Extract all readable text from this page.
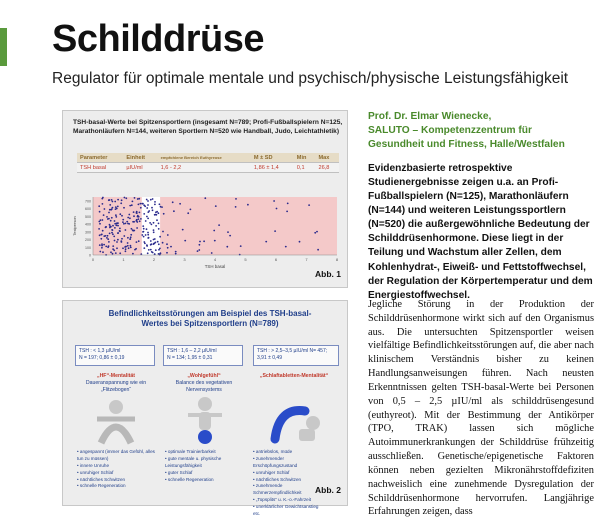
Schilddrüse
Regulator für optimale mentale und psychisch/physische Leistungsfähigkeit
TSH-basal-Werte bei Spitzensportlern (insgesamt N=789; Profi-Fußballspielern N=125, Marathonläufern N=144, weiteren Sportlern N=520 wie Handball, Judo, Leichtathletik)
Parameter	Einheit	empfohlene Bereich Euthyreose	M ± SD	Min	Max
TSH basal	µIU/ml	1,6 - 2,2	1,86 ± 1,4	0,1	26,8
0	1	2	3	4	5	6	7	8
0
100
200
300
400
500
600
700
TSH basal
Testperson
Abb. 1
Befindlichkeitsstörungen am Beispiel des TSH-basal-
Wertes bei Spitzensportlern (N=789)
TSH : < 1,3 µIU/ml
N = 197; 0,86 ± 0,19
TSH : 1,6 – 2,2 µIU/ml
N = 134; 1,95 ± 0,31
TSH : > 2,5–3,5 µIU/ml N= 457;
3,91 ± 0,49
„HF“-Mentalität
Daueranspannung wie ein „Flitzebogen“
„Wohlgefühl“
Balance des vegetativen Nervensystems
„Schlaftabletten-Mentalität“
• angespannt (immer das Gefühl, alles tun zu müssen)
• innere Unruhe
• unruhiger Schlaf
• nächtliches Schwitzen
• schnelle Regeneration
• optimale Trainierbarkeit
• gute mentale u. physische Leistungsfähigkeit
• guter Schlaf
• schnelle Regeneration
• antriebslos, müde
• zunehmender Erschöpfungszustand
• unruhiger Schlaf
• nächtliches Schwitzen
• zunehmende Schmerzempfindlichkeit
• „Topsplits“ u. K.-o.-Fahrzeit
• unerklärlicher Gewichtsanstieg etc.
Abb. 2
Prof. Dr. Elmar Wienecke,
SALUTO – Kompetenzzentrum für
Gesundheit und Fitness, Halle/Westfalen
Evidenzbasierte retrospektive Studienergebnisse zeigen u.a. an Profi-Fußballspielern (N=125), Marathonläufern (N=144) und weiteren Leistungssportlern (N=520) die außergewöhnliche Bedeutung der Schilddrüsenhormone. Diese liegt in der Teilung und Wachstum aller Zellen, dem Kohlenhydrat-, Eiweiß- und Fettstoffwechsel, der Regulation der Körpertemperatur und dem Energiestoffwechsel.
Jegliche Störung in der Produktion der Schilddrüsenhormone wirkt sich auf den Organismus aus. Die untersuchten Spitzensportler weisen vielfältige Befindlichkeitsstörungen auf, die aber nach klinischem Verständnis bisher zu keinen Handlungsanweisungen führen. Nach neusten Erkenntnissen gelten TSH-basal-Werte bei Personen von 0,5 – 2,5 µIU/ml als schilddrüsengesund (euthyreot). Mit der Bestimmung der Antikörper (TPO, TRAK) lassen sich mögliche Autoimmunerkrankungen der Schilddrüse frühzeitig ausschließen. Genetische/epigenetische Faktoren können neben gezielten Mikronährstoffdefiziten nachweislich eine zunehmende Dysregulation der Schilddrüsenhormone hervorrufen. Langjährige Erfahrungen zeigen, dass
